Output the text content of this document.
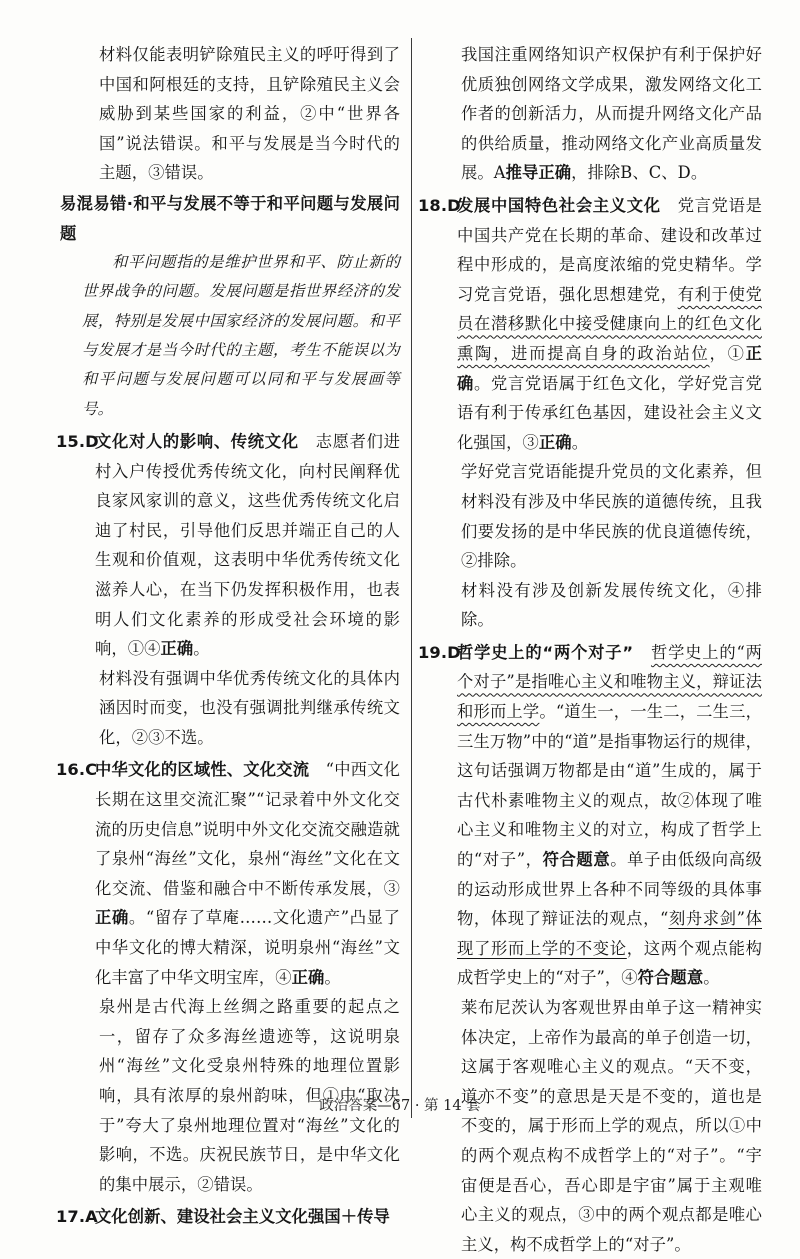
材料仅能表明铲除殖民主义的呼吁得到了中国和阿根廷的支持，且铲除殖民主义会威胁到某些国家的利益，②中“世界各国”说法错误。和平与发展是当今时代的主题，③错误。

易混易错·和平与发展不等于和平问题与发展问题

和平问题指的是维护世界和平、防止新的世界战争的问题。发展问题是指世界经济的发展，特别是发展中国家经济的发展问题。和平与发展才是当今时代的主题，考生不能误以为和平问题与发展问题可以同和平与发展画等号。

15.D

文化对人的影响、传统文化　 志愿者们进村入户传授优秀传统文化，向村民阐释优良家风家训的意义，这些优秀传统文化启迪了村民，引导他们反思并端正自己的人生观和价值观，这表明中华优秀传统文化滋养人心，在当下仍发挥积极作用，也表明人们文化素养的形成受社会环境的影响，①④正确。

材料没有强调中华优秀传统文化的具体内涵因时而变，也没有强调批判继承传统文化，②③不选。

16.C

中华文化的区域性、文化交流　 “中西文化长期在这里交流汇聚”“记录着中外文化交流的历史信息”说明中外文化交流交融造就了泉州“海丝”文化，泉州“海丝”文化在文化交流、借鉴和融合中不断传承发展，③正确。“留存了草庵……文化遗产”凸显了中华文化的博大精深，说明泉州“海丝”文化丰富了中华文明宝库，④正确。

泉州是古代海上丝绸之路重要的起点之一，留存了众多海丝遗迹等，这说明泉州“海丝”文化受泉州特殊的地理位置影响，具有浓厚的泉州韵味，但①中“取决于”夸大了泉州地理位置对“海丝”文化的影响，不选。庆祝民族节日，是中华文化的集中展示，②错误。

17.A

文化创新、建设社会主义文化强国＋传导

我国注重网络知识产权保护有利于保护好优质独创网络文学成果，激发网络文化工作者的创新活力，从而提升网络文化产品的供给质量，推动网络文化产业高质量发展。A推导正确，排除B、C、D。

18.D

发展中国特色社会主义文化　 党言党语是中国共产党在长期的革命、建设和改革过程中形成的，是高度浓缩的党史精华。学习党言党语，强化思想建党，有利于使党员在潜移默化中接受健康向上的红色文化熏陶，进而提高自身的政治站位，①正确。党言党语属于红色文化，学好党言党语有利于传承红色基因，建设社会主义文化强国，③正确。

学好党言党语能提升党员的文化素养，但材料没有涉及中华民族的道德传统，且我们要发扬的是中华民族的优良道德传统，②排除。

材料没有涉及创新发展传统文化，④排除。

19.D

哲学史上的“两个对子”　 哲学史上的“两个对子”是指唯心主义和唯物主义，辩证法和形而上学。“道生一，一生二，二生三，三生万物”中的“道”是指事物运行的规律，这句话强调万物都是由“道”生成的，属于古代朴素唯物主义的观点，故②体现了唯心主义和唯物主义的对立，构成了哲学上的“对子”，符合题意。单子由低级向高级的运动形成世界上各种不同等级的具体事物，体现了辩证法的观点，“刻舟求剑”体现了形而上学的不变论，这两个观点能构成哲学史上的“对子”，④符合题意。

莱布尼茨认为客观世界由单子这一精神实体决定，上帝作为最高的单子创造一切，这属于客观唯心主义的观点。“天不变，道亦不变”的意思是天是不变的，道也是不变的，属于形而上学的观点，所以①中的两个观点构不成哲学上的“对子”。“宇宙便是吾心，吾心即是宇宙”属于主观唯心主义的观点，③中的两个观点都是唯心主义，构不成哲学上的“对子”。

政治答案—67 · 第 14 套
